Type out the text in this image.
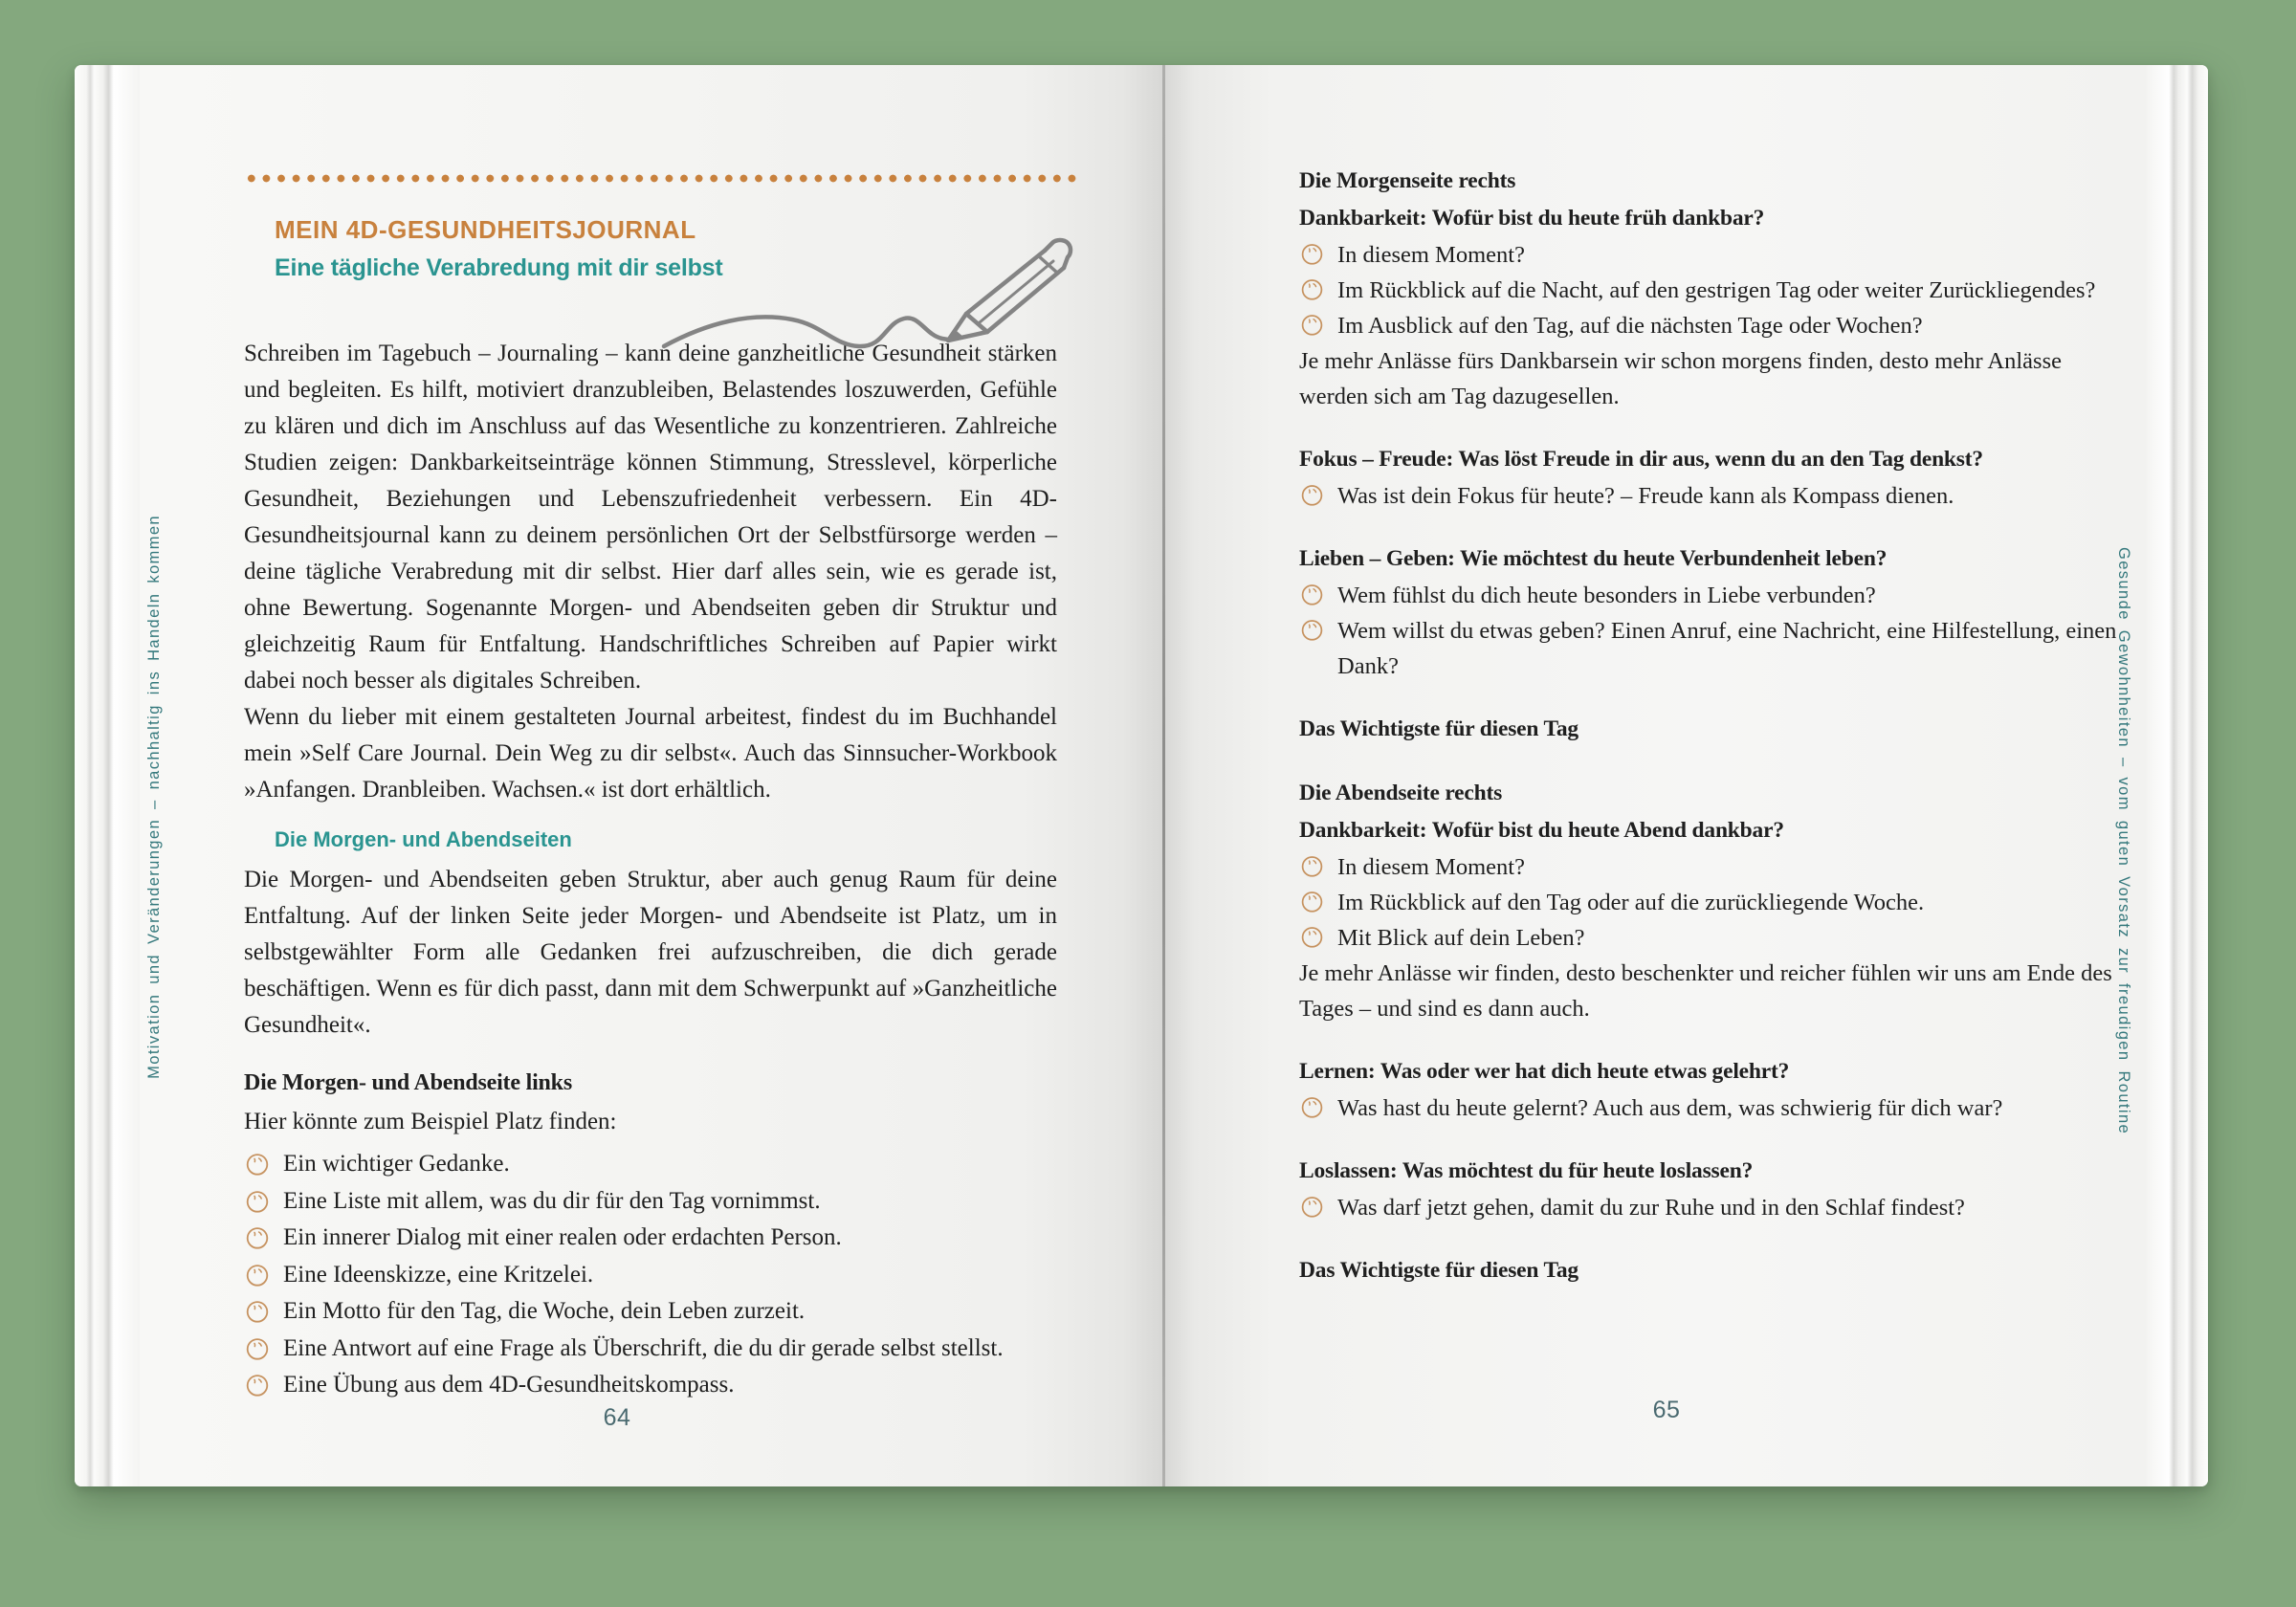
MEIN 4D-GESUNDHEITSJOURNAL
Eine tägliche Verabredung mit dir selbst

Schreiben im Tagebuch – Journaling – kann deine ganzheitliche Gesundheit stärken und begleiten. Es hilft, motiviert dranzubleiben, Belastendes loszuwerden, Gefühle zu klären und dich im Anschluss auf das Wesentliche zu konzentrieren. Zahlreiche Studien zeigen: Dankbarkeitseinträge können Stimmung, Stresslevel, körperliche Gesundheit, Beziehungen und Lebenszufriedenheit verbessern. Ein 4D-Gesundheitsjournal kann zu deinem persönlichen Ort der Selbstfürsorge werden – deine tägliche Verabredung mit dir selbst. Hier darf alles sein, wie es gerade ist, ohne Bewertung. Sogenannte Morgen- und Abendseiten geben dir Struktur und gleichzeitig Raum für Entfaltung. Handschriftliches Schreiben auf Papier wirkt dabei noch besser als digitales Schreiben.

Wenn du lieber mit einem gestalteten Journal arbeitest, findest du im Buchhandel mein »Self Care Journal. Dein Weg zu dir selbst«. Auch das Sinnsucher-Workbook »Anfangen. Dranbleiben. Wachsen.« ist dort erhältlich.

Die Morgen- und Abendseiten

Die Morgen- und Abendseiten geben Struktur, aber auch genug Raum für deine Entfaltung. Auf der linken Seite jeder Morgen- und Abendseite ist Platz, um in selbstgewählter Form alle Gedanken frei aufzuschreiben, die dich gerade beschäftigen. Wenn es für dich passt, dann mit dem Schwerpunkt auf »Ganzheitliche Gesundheit«.

Die Morgen- und Abendseite links
Hier könnte zum Beispiel Platz finden:
Ein wichtiger Gedanke.
Eine Liste mit allem, was du dir für den Tag vornimmst.
Ein innerer Dialog mit einer realen oder erdachten Person.
Eine Ideenskizze, eine Kritzelei.
Ein Motto für den Tag, die Woche, dein Leben zurzeit.
Eine Antwort auf eine Frage als Überschrift, die du dir gerade selbst stellst.
Eine Übung aus dem 4D-Gesundheitskompass.
Die Morgenseite rechts
Dankbarkeit: Wofür bist du heute früh dankbar?
In diesem Moment?
Im Rückblick auf die Nacht, auf den gestrigen Tag oder weiter Zurückliegendes?
Im Ausblick auf den Tag, auf die nächsten Tage oder Wochen?

Je mehr Anlässe fürs Dankbarsein wir schon morgens finden, desto mehr Anlässe werden sich am Tag dazugesellen.

Fokus – Freude: Was löst Freude in dir aus, wenn du an den Tag denkst?
Was ist dein Fokus für heute? – Freude kann als Kompass dienen.
Lieben – Geben: Wie möchtest du heute Verbundenheit leben?
Wem fühlst du dich heute besonders in Liebe verbunden?
Wem willst du etwas geben? Einen Anruf, eine Nachricht, eine Hilfestellung, einen Dank?
Das Wichtigste für diesen Tag
Die Abendseite rechts
Dankbarkeit: Wofür bist du heute Abend dankbar?
In diesem Moment?
Im Rückblick auf den Tag oder auf die zurückliegende Woche.
Mit Blick auf dein Leben?

Je mehr Anlässe wir finden, desto beschenkter und reicher fühlen wir uns am Ende des Tages – und sind es dann auch.

Lernen: Was oder wer hat dich heute etwas gelehrt?
Was hast du heute gelernt? Auch aus dem, was schwierig für dich war?
Loslassen: Was möchtest du für heute loslassen?
Was darf jetzt gehen, damit du zur Ruhe und in den Schlaf findest?
Das Wichtigste für diesen Tag
Motivation und Veränderungen – nachhaltig ins Handeln kommen	Gesunde Gewohnheiten – vom guten Vorsatz zur freudigen Routine
64	65
